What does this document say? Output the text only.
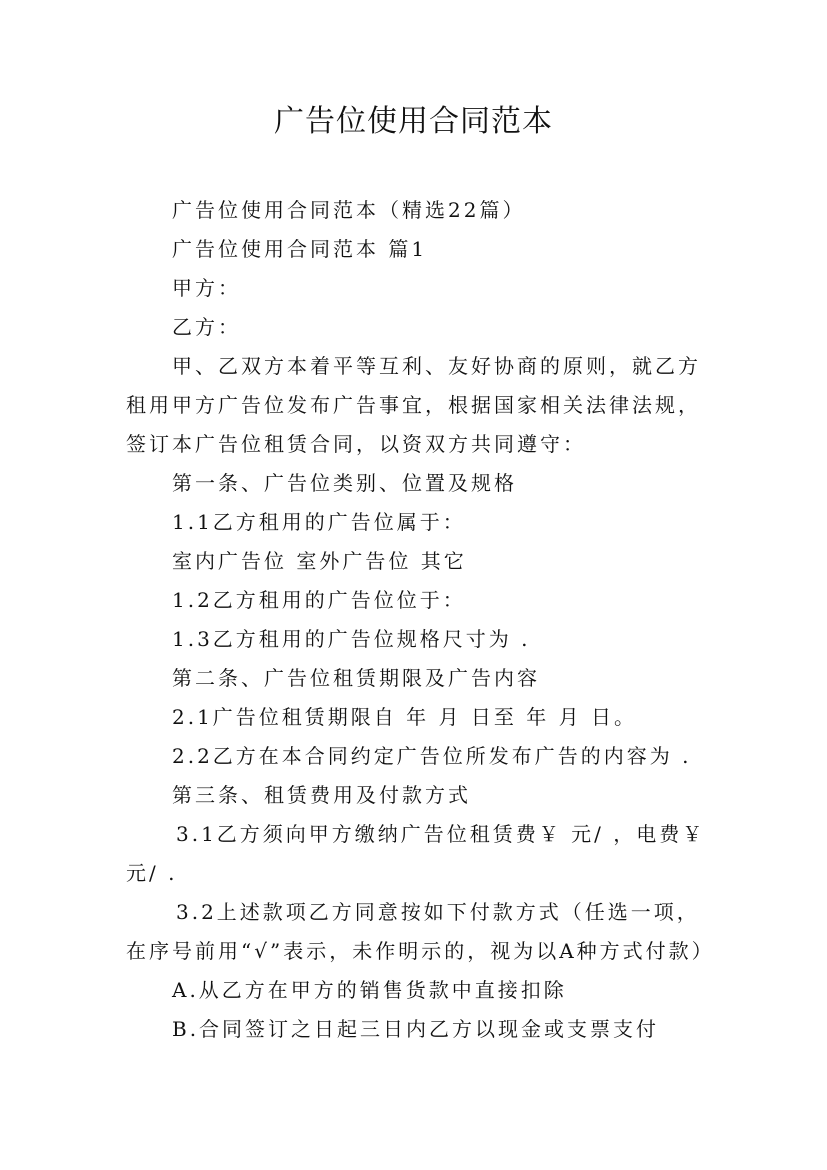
广告位使用合同范本

广告位使用合同范本（精选22篇）

广告位使用合同范本 篇1

甲方：

乙方：

甲、乙双方本着平等互利、友好协商的原则，就乙方租用甲方广告位发布广告事宜，根据国家相关法律法规，签订本广告位租赁合同，以资双方共同遵守：

第一条、广告位类别、位置及规格

1.1乙方租用的广告位属于：

室内广告位 室外广告位 其它

1.2乙方租用的广告位位于：

1.3乙方租用的广告位规格尺寸为 .

第二条、广告位租赁期限及广告内容

2.1广告位租赁期限自 年 月 日至 年 月 日。

2.2乙方在本合同约定广告位所发布广告的内容为 .

第三条、租赁费用及付款方式

3.1乙方须向甲方缴纳广告位租赁费￥ 元/ ，电费￥ 元/ .

3.2上述款项乙方同意按如下付款方式（任选一项，在序号前用“√”表示，未作明示的，视为以A种方式付款）

A.从乙方在甲方的销售货款中直接扣除

B.合同签订之日起三日内乙方以现金或支票支付
